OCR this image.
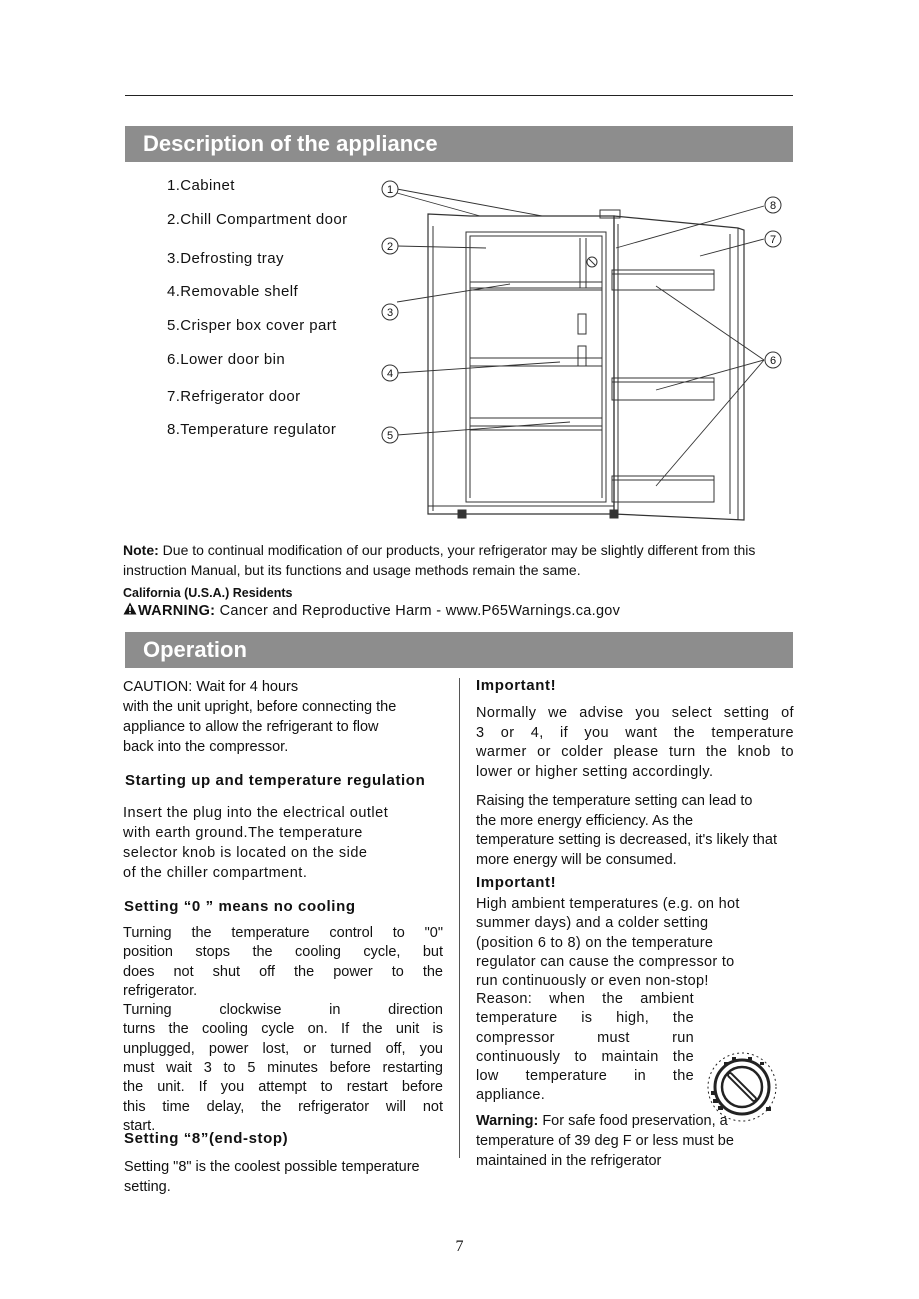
Description of the appliance
1.Cabinet
2.Chill Compartment door
3.Defrosting tray
4.Removable shelf
5.Crisper box cover part
6.Lower door bin
7.Refrigerator door
8.Temperature regulator
1
2
3
4
5
6
7
8
Note: Due to continual modification of our products, your refrigerator may be slightly different from this instruction Manual, but its functions and usage methods remain the same.
California (U.S.A.) Residents
WARNING: Cancer and Reproductive Harm - www.P65Warnings.ca.gov
Operation
CAUTION: Wait for 4 hours
with the unit upright, before connecting the
appliance to allow the refrigerant to flow
back into the compressor.
Starting up and temperature regulation
Insert the plug into the electrical outlet
with earth ground.The temperature
selector knob is located on the side
of the chiller compartment.
Setting “0 ” means no cooling
Turning the temperature control to "0"
position stops the cooling cycle, but
does not shut off the power to the
refrigerator.
Turning clockwise in direction
turns the cooling cycle on. If the unit is
unplugged, power lost, or turned off, you
must wait 3 to 5 minutes before restarting
the unit. If you attempt to restart before
this time delay, the refrigerator will not
start.
Setting “8”(end-stop)
Setting "8" is the coolest possible temperature
setting.
Important!
Normally we advise you select setting of
3 or 4, if you want the temperature
warmer or colder please turn the knob to
lower or higher setting accordingly.
Raising the temperature setting can lead to
the more energy efficiency. As the
temperature setting is decreased, it's likely that
more energy will be consumed.
Important!
High ambient temperatures (e.g. on hot
summer days) and a colder setting
(position 6 to 8) on the temperature
regulator can cause the compressor to
run continuously or even non-stop!
Reason: when the ambient
temperature is high, the
compressor must run
continuously to maintain the
low temperature in the
appliance.
Warning: For safe food preservation, a
temperature of 39 deg F or less must be
maintained in the refrigerator
7
